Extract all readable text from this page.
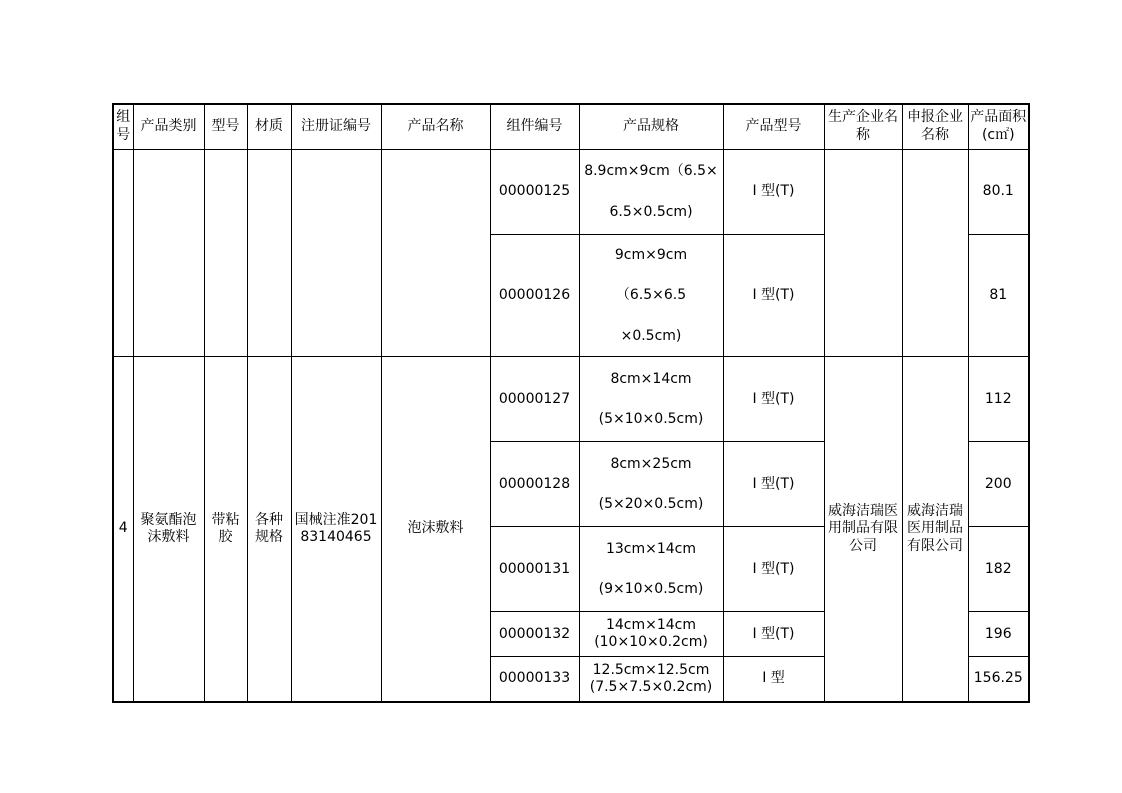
组号	产品类别	型号	材质	注册证编号	产品名称	组件编号	产品规格	产品型号	生产企业名称	申报企业名称	产品面积(c㎡)
						00000125	8.9cm×9cm（6.5×
6.5×0.5cm)	I 型(T)			80.1
						00000126	9cm×9cm（6.5×6.5
×0.5cm)	I 型(T)			81
4	聚氨酯泡沫敷料	带粘胶	各种规格	国械注准20183140465	泡沫敷料	00000127	8cm×14cm
(5×10×0.5cm)	I 型(T)	威海洁瑞医用制品有限公司	威海洁瑞医用制品有限公司	112
						00000128	8cm×25cm
(5×20×0.5cm)	I 型(T)			200
						00000131	13cm×14cm
(9×10×0.5cm)	I 型(T)			182
						00000132	14cm×14cm
(10×10×0.2cm)	I 型(T)			196
						00000133	12.5cm×12.5cm
(7.5×7.5×0.2cm)	I 型			156.25
